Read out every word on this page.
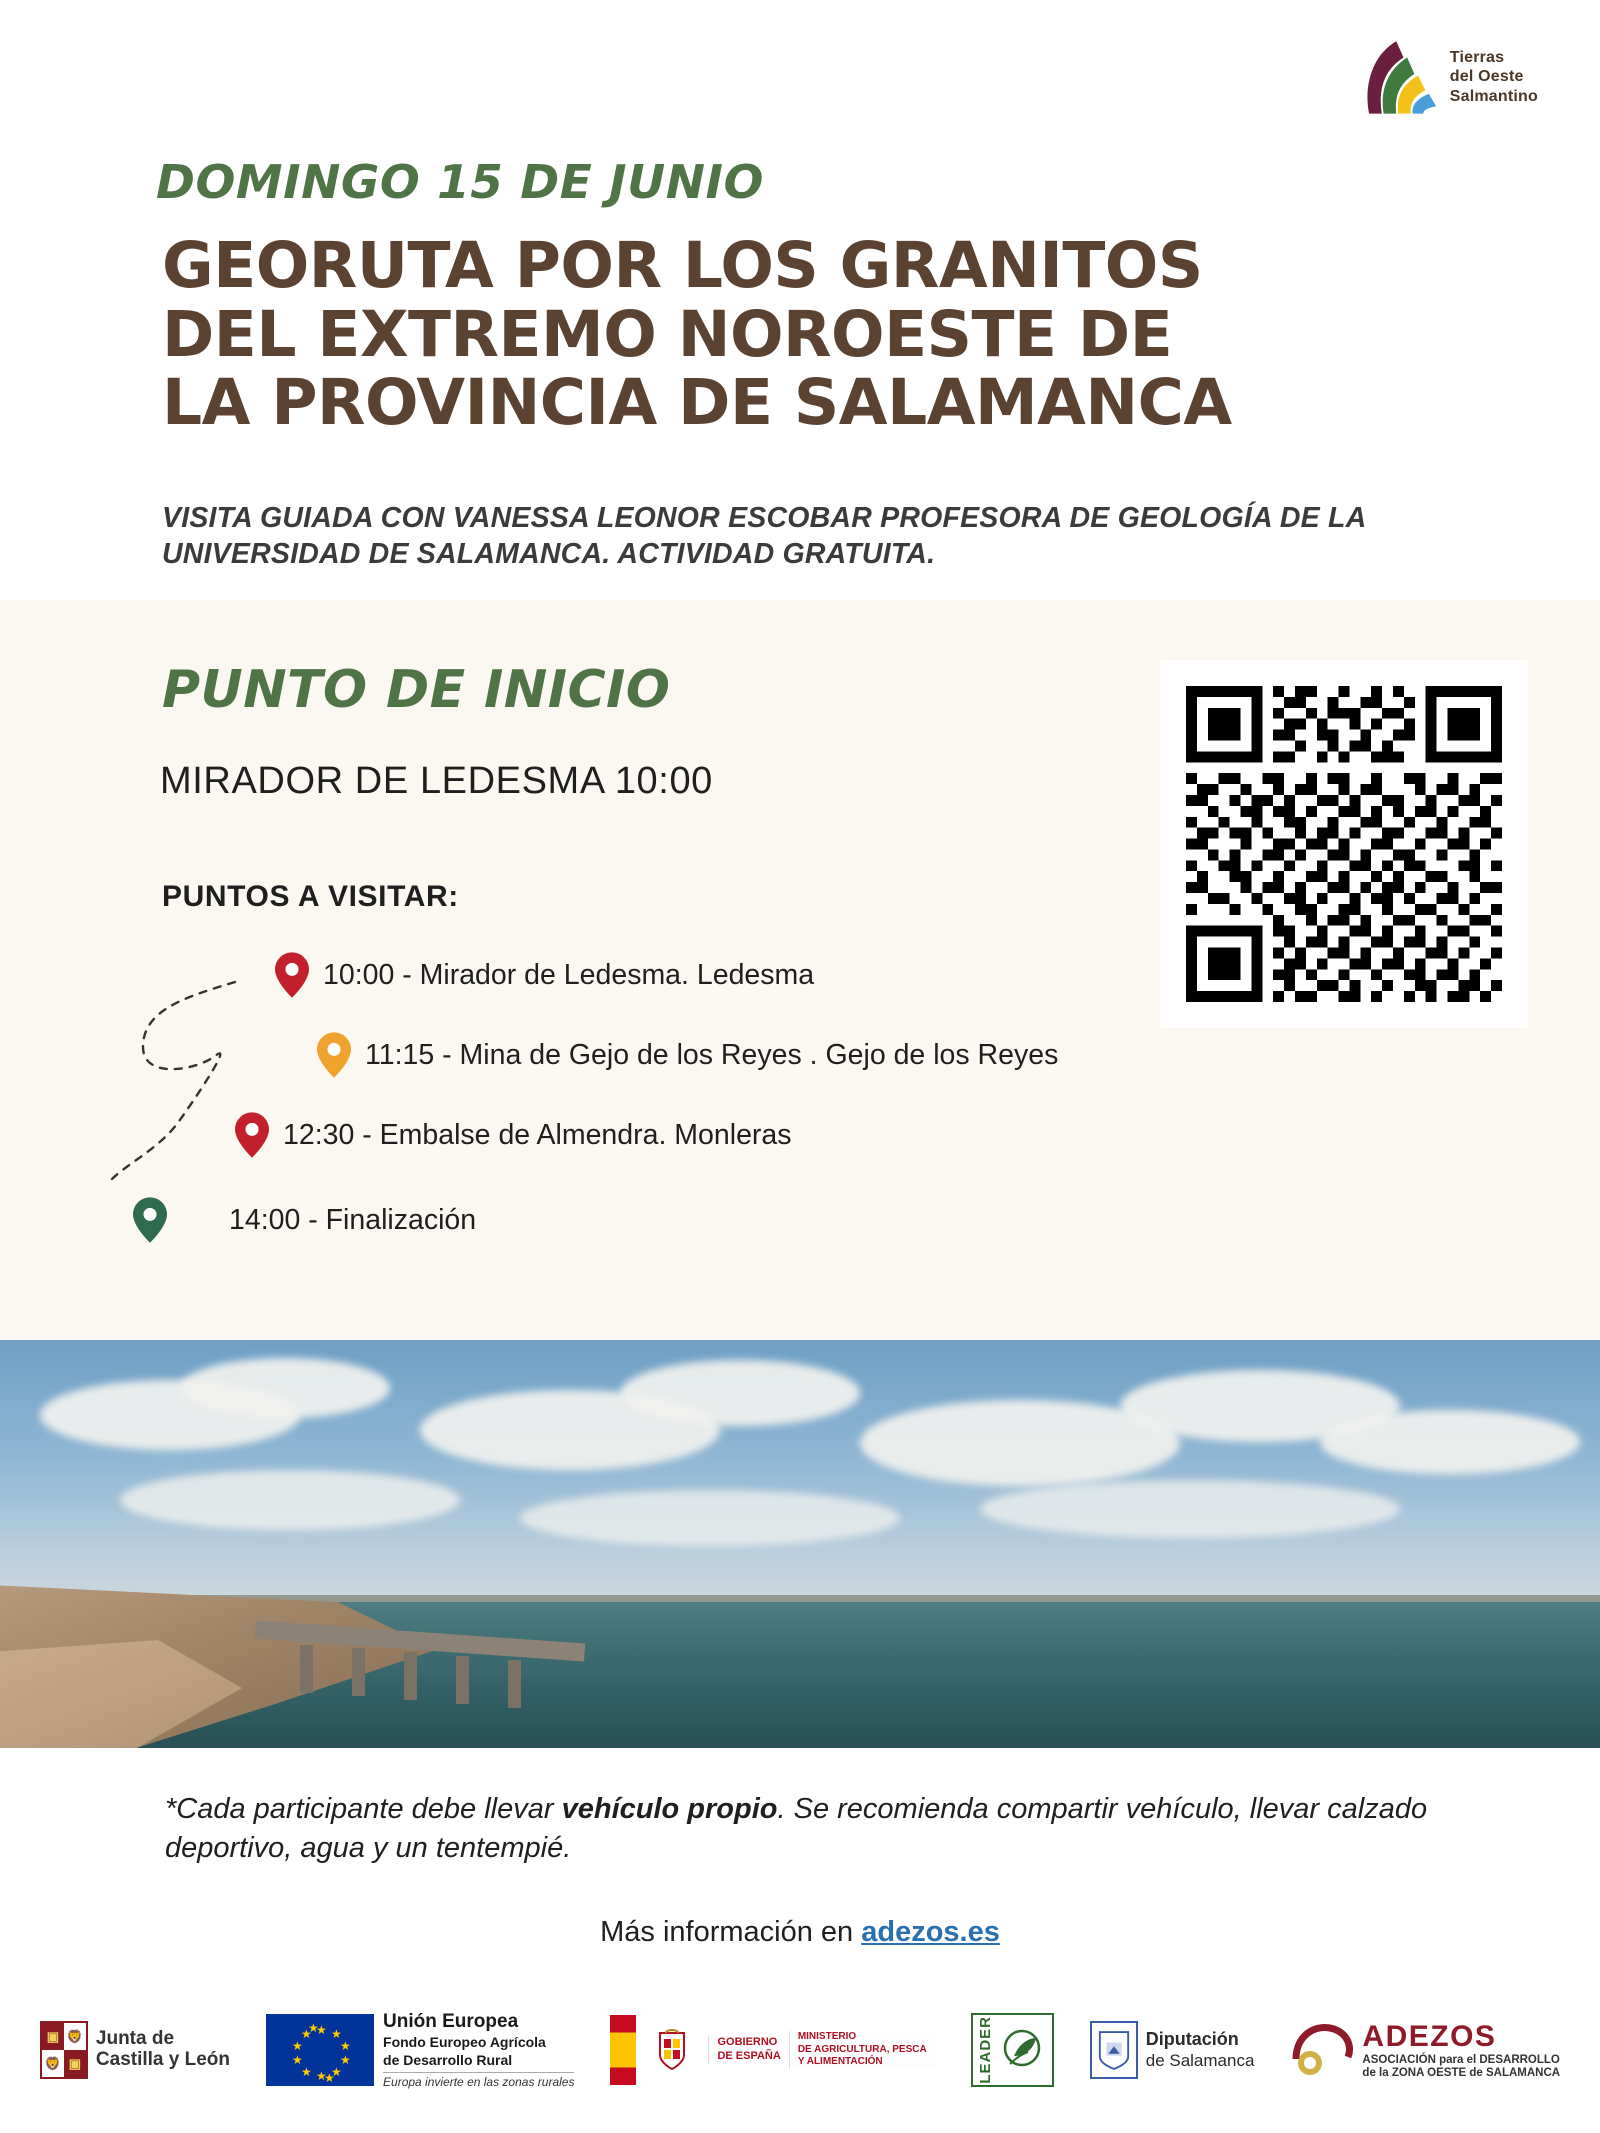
Tierras
del Oeste
Salmantino
DOMINGO 15 DE JUNIO
GEORUTA POR LOS GRANITOS
DEL EXTREMO NOROESTE DE
LA PROVINCIA DE SALAMANCA
VISITA GUIADA CON VANESSA LEONOR ESCOBAR PROFESORA DE GEOLOGÍA DE LA UNIVERSIDAD DE SALAMANCA. ACTIVIDAD GRATUITA.
PUNTO DE INICIO
MIRADOR DE LEDESMA 10:00
PUNTOS A VISITAR:
10:00 - Mirador de Ledesma. Ledesma
11:15 - Mina de Gejo de los Reyes . Gejo de los Reyes
12:30 - Embalse de Almendra. Monleras
14:00 - Finalización
*Cada participante debe llevar vehículo propio. Se recomienda compartir vehículo, llevar calzado deportivo, agua y un tentempié.
Más información en adezos.es
▣ 🦁
🦁 ▣
Junta de
Castilla y León
★ ★
★
★
★
★
★
★
★
★
★
★
Unión Europea
Fondo Europeo Agrícola
de Desarrollo Rural
Europa invierte en las zonas rurales
GOBIERNO
DE ESPAÑA
MINISTERIO
DE AGRICULTURA, PESCA
Y ALIMENTACIÓN	LEADER	Diputación
de Salamanca
ADEZOS
ASOCIACIÓN para el DESARROLLO
de la ZONA OESTE de SALAMANCA
